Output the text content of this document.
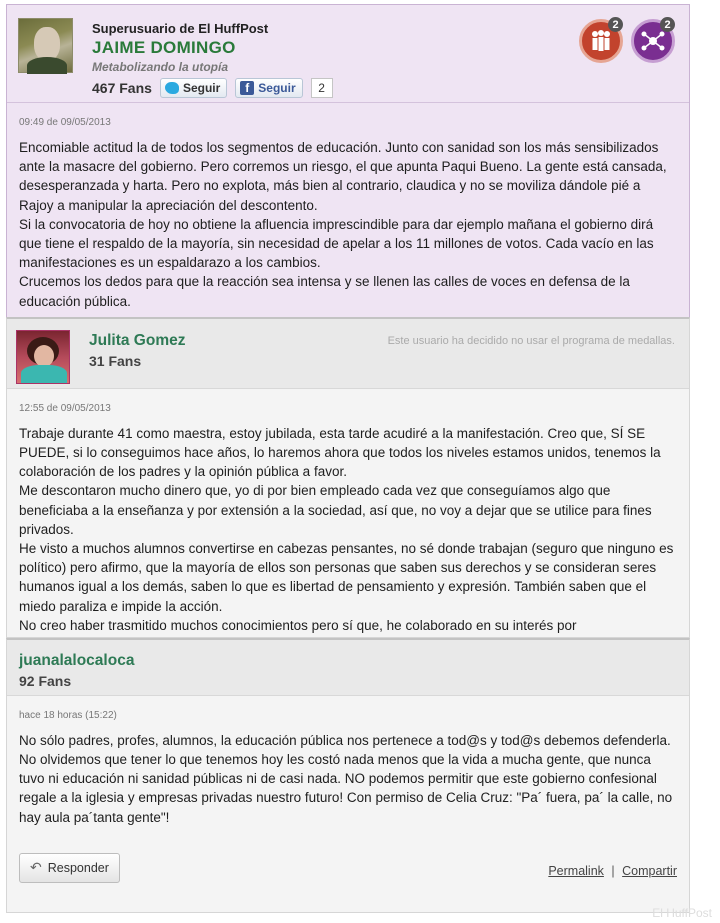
Superusuario de El HuffPost
JAIME DOMINGO
Metabolizando la utopía
467 Fans	Seguir	f Seguir	2
2	2
09:49 de 09/05/2013

Encomiable actitud la de todos los segmentos de educación. Junto con sanidad son los más sensibilizados ante la masacre del gobierno. Pero corremos un riesgo, el que apunta Paqui Bueno. La gente está cansada, desesperanzada y harta. Pero no explota, más bien al contrario, claudica y no se moviliza dándole pié a Rajoy a manipular la apreciación del descontento.

Si la convocatoria de hoy no obtiene la afluencia imprescindible para dar ejemplo mañana el gobierno dirá que tiene el respaldo de la mayoría, sin necesidad de apelar a los 11 millones de votos. Cada vacío en las manifestaciones es un espaldarazo a los cambios.

Crucemos los dedos para que la reacción sea intensa y se llenen las calles de voces en defensa de la educación pública.

Julita Gomez
31 Fans
Este usuario ha decidido no usar el programa de medallas.
12:55 de 09/05/2013

Trabaje durante 41 como maestra, estoy jubilada, esta tarde acudiré a la manifestación. Creo que, SÍ SE PUEDE, si lo conseguimos hace años, lo haremos ahora que todos los niveles estamos unidos, tenemos la colaboración de los padres y la opinión pública a favor.

Me descontaron mucho dinero que, yo di por bien empleado cada vez que conseguíamos algo que beneficiaba a la enseñanza y por extensión a la sociedad, así que, no voy a dejar que se utilice para fines privados.

He visto a muchos alumnos convertirse en cabezas pensantes, no sé donde trabajan (seguro que ninguno es político) pero afirmo, que la mayoría de ellos son personas que saben sus derechos y se consideran seres humanos igual a los demás, saben lo que es libertad de pensamiento y expresión. También saben que el miedo paraliza e impide la acción.

No creo haber trasmitido muchos conocimientos pero sí que, he colaborado en su interés por

juanalalocaloca
92 Fans
hace 18 horas (15:22)

No sólo padres, profes, alumnos, la educación pública nos pertenece a tod@s y tod@s debemos defenderla. No olvidemos que tener lo que tenemos hoy les costó nada menos que la vida a mucha gente, que nunca tuvo ni educación ni sanidad públicas ni de casi nada. NO podemos permitir que este gobierno confesional regale a la iglesia y empresas privadas nuestro futuro! Con permiso de Celia Cruz: "Pa´ fuera, pa´ la calle, no hay aula pa´tanta gente"!

↶ Responder	Permalink | Compartir
El HuffPost
